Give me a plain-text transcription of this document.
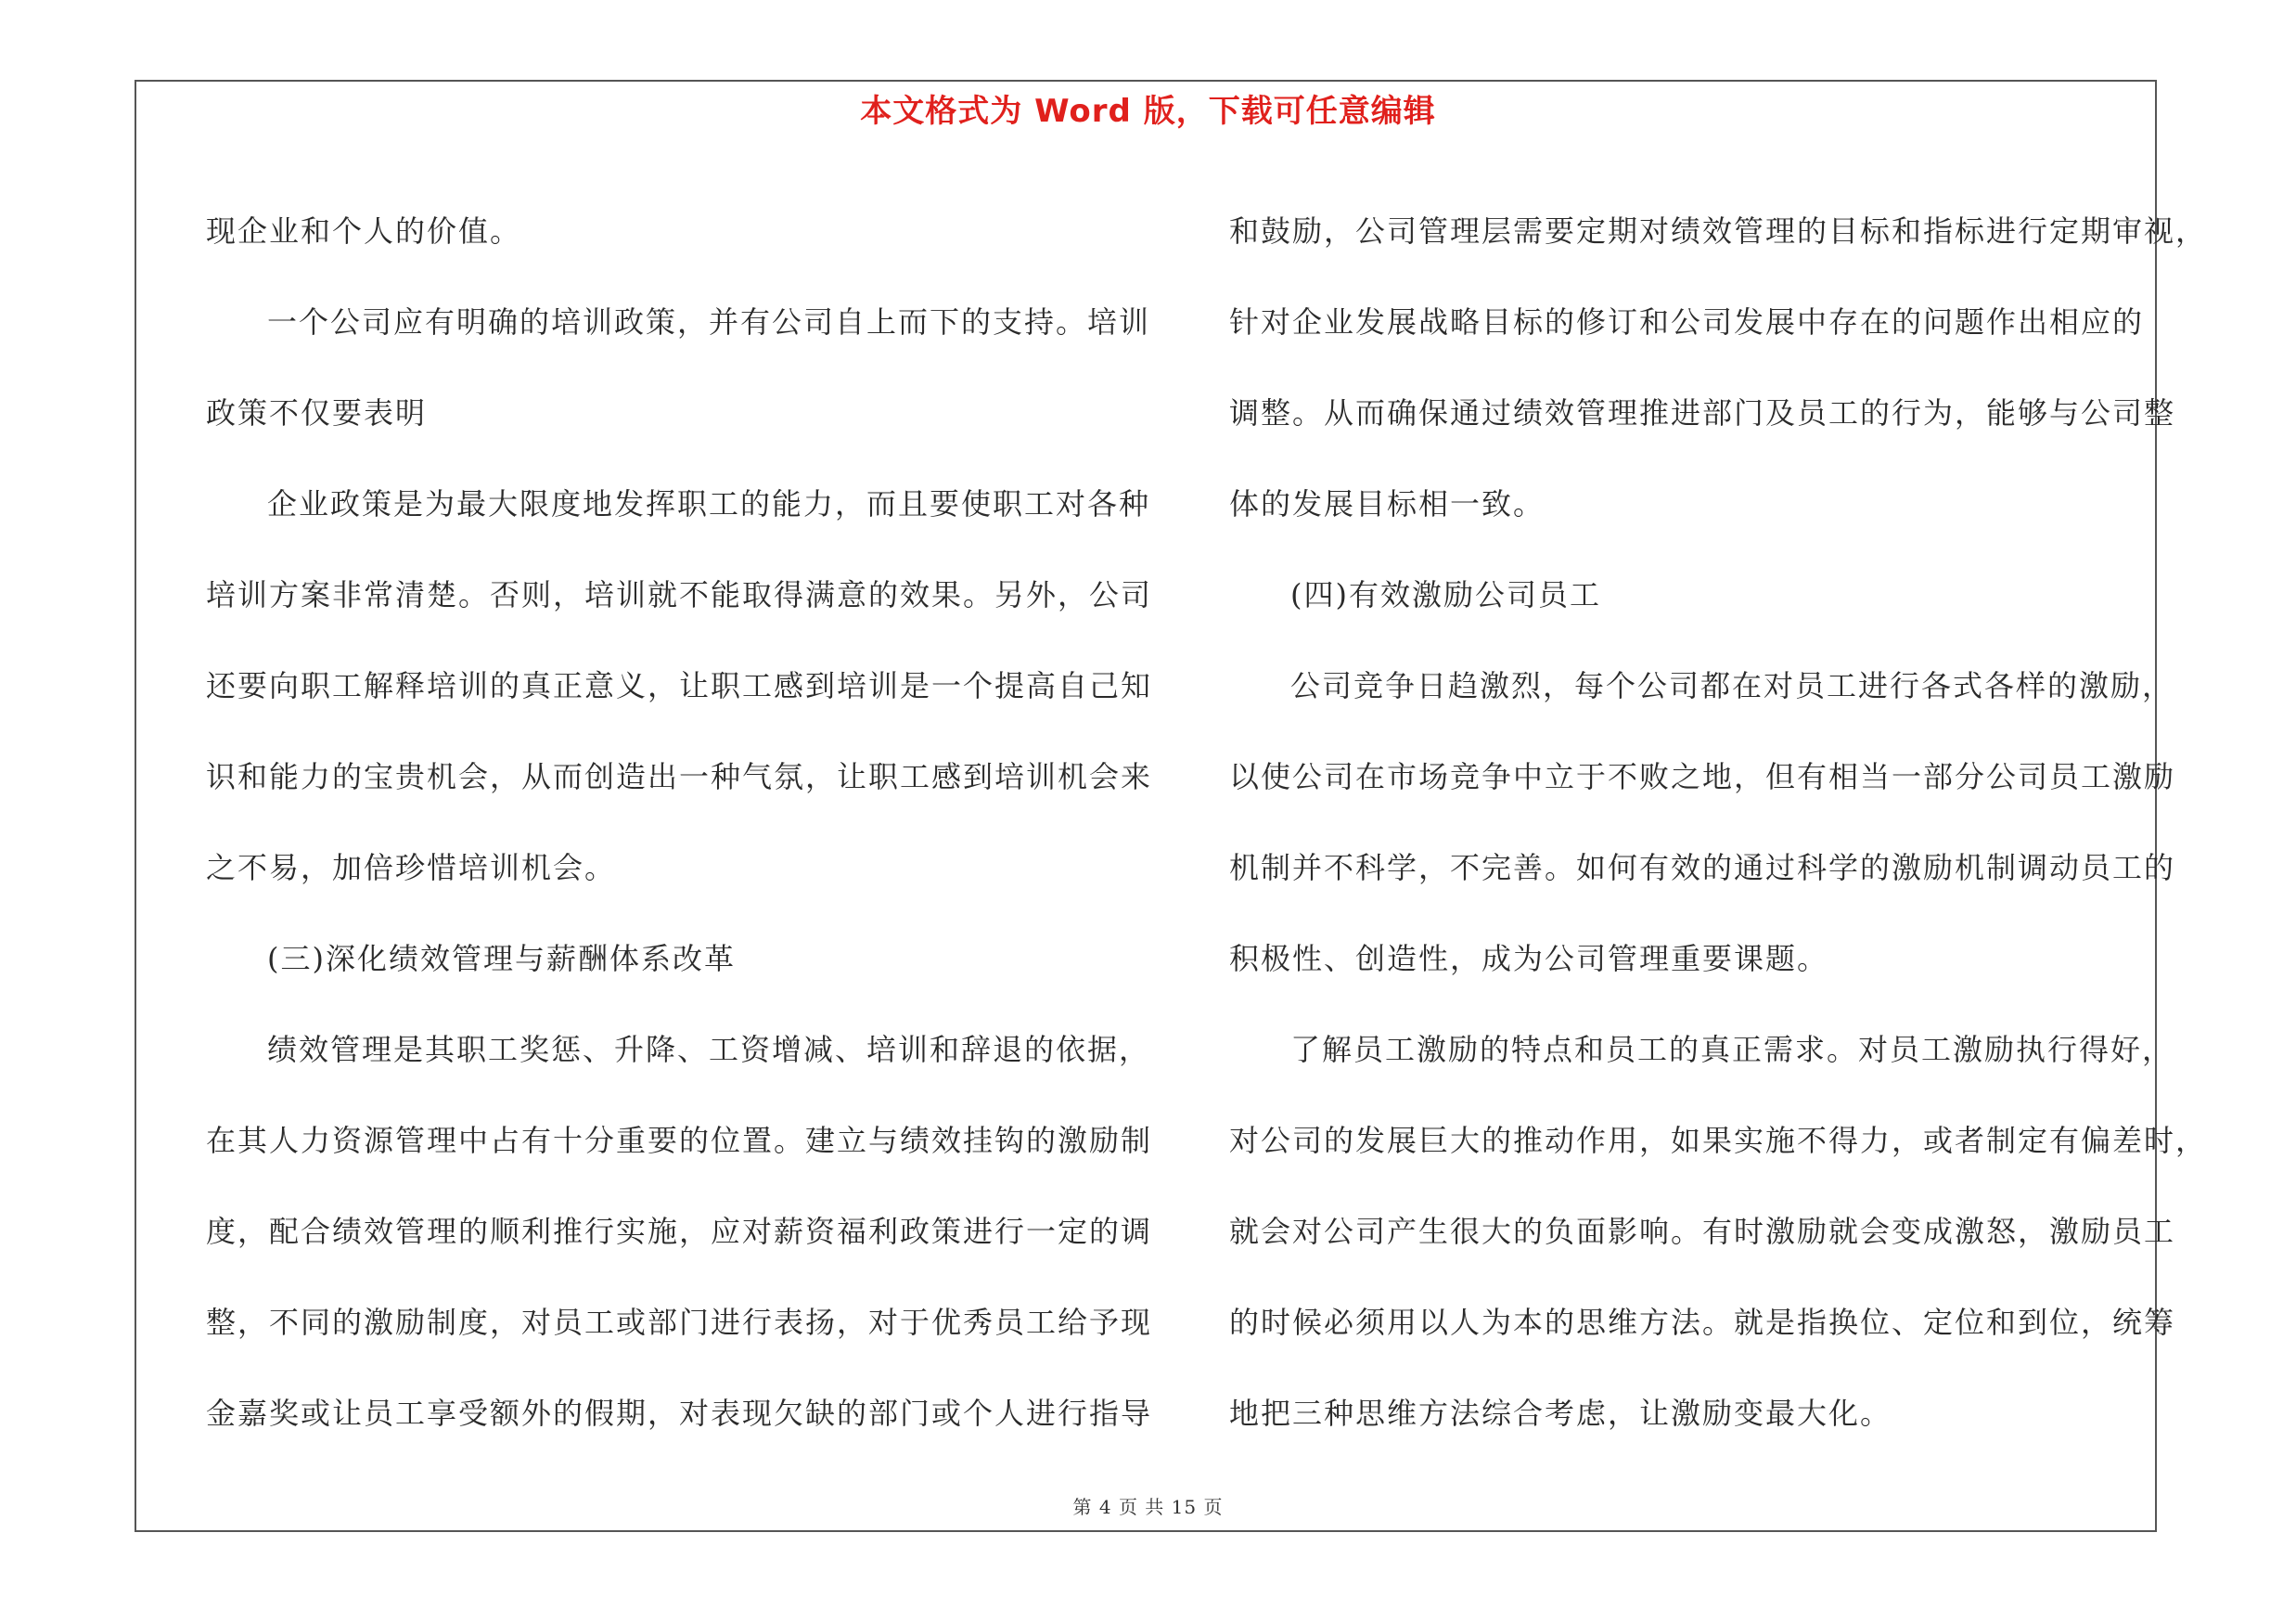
本文格式为 Word 版，下载可任意编辑

现企业和个人的价值。

一个公司应有明确的培训政策，并有公司自上而下的支持。培训

政策不仅要表明

企业政策是为最大限度地发挥职工的能力，而且要使职工对各种

培训方案非常清楚。否则，培训就不能取得满意的效果。另外，公司

还要向职工解释培训的真正意义，让职工感到培训是一个提高自己知

识和能力的宝贵机会，从而创造出一种气氛，让职工感到培训机会来

之不易，加倍珍惜培训机会。

(三)深化绩效管理与薪酬体系改革

绩效管理是其职工奖惩、升降、工资增减、培训和辞退的依据，

在其人力资源管理中占有十分重要的位置。建立与绩效挂钩的激励制

度，配合绩效管理的顺利推行实施，应对薪资福利政策进行一定的调

整，不同的激励制度，对员工或部门进行表扬，对于优秀员工给予现

金嘉奖或让员工享受额外的假期，对表现欠缺的部门或个人进行指导

和鼓励，公司管理层需要定期对绩效管理的目标和指标进行定期审视，

针对企业发展战略目标的修订和公司发展中存在的问题作出相应的

调整。从而确保通过绩效管理推进部门及员工的行为，能够与公司整

体的发展目标相一致。

(四)有效激励公司员工

公司竞争日趋激烈，每个公司都在对员工进行各式各样的激励，

以使公司在市场竞争中立于不败之地，但有相当一部分公司员工激励

机制并不科学，不完善。如何有效的通过科学的激励机制调动员工的

积极性、创造性，成为公司管理重要课题。

了解员工激励的特点和员工的真正需求。对员工激励执行得好，

对公司的发展巨大的推动作用，如果实施不得力，或者制定有偏差时，

就会对公司产生很大的负面影响。有时激励就会变成激怒，激励员工

的时候必须用以人为本的思维方法。就是指换位、定位和到位，统筹

地把三种思维方法综合考虑，让激励变最大化。

第 4 页 共 15 页
